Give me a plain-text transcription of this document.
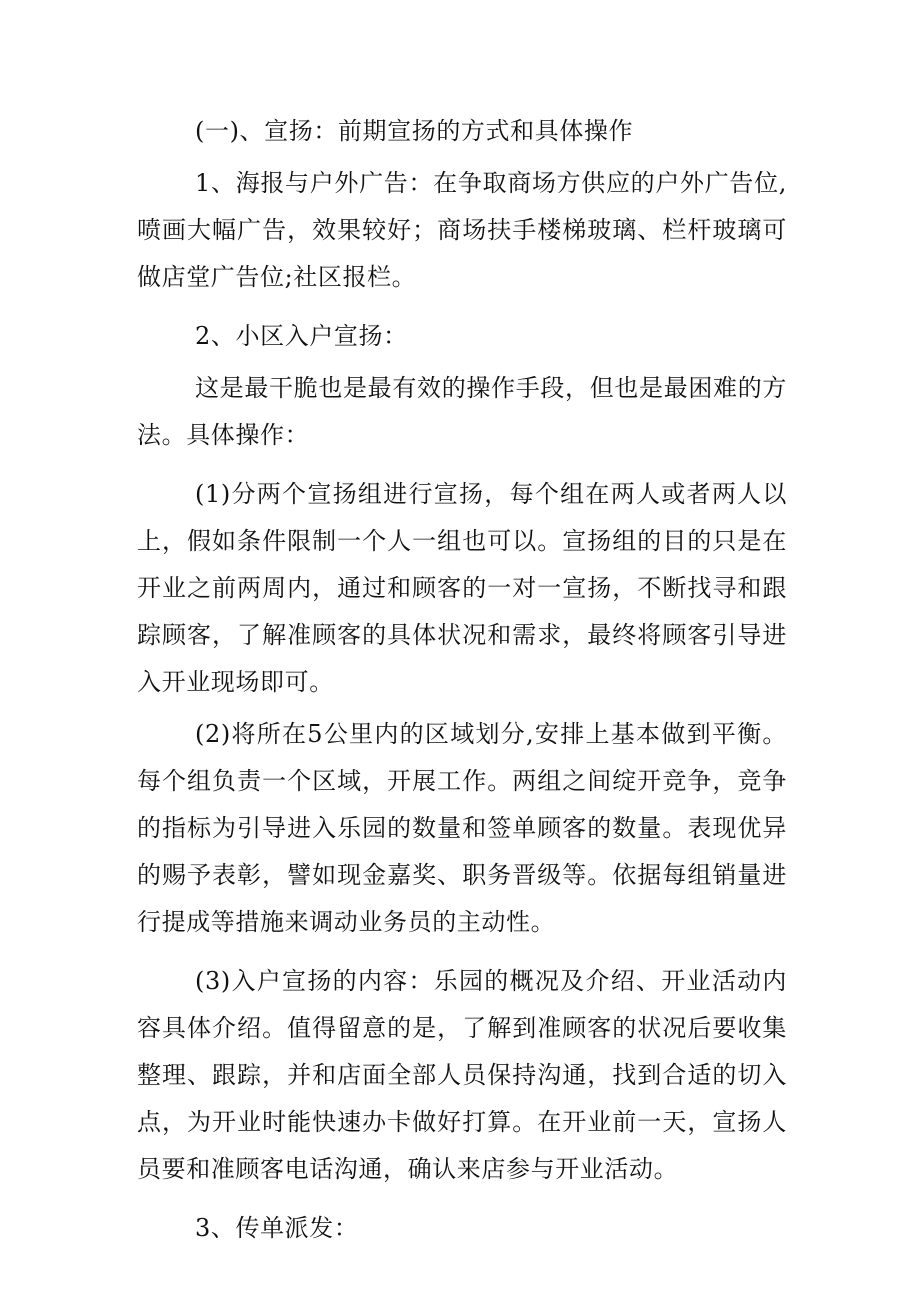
(一)、宣扬：前期宣扬的方式和具体操作

1、海报与户外广告：在争取商场方供应的户外广告位,喷画大幅广告，效果较好；商场扶手楼梯玻璃、栏杆玻璃可做店堂广告位;社区报栏。

2、小区入户宣扬：

这是最干脆也是最有效的操作手段，但也是最困难的方法。具体操作：

(1)分两个宣扬组进行宣扬，每个组在两人或者两人以上，假如条件限制一个人一组也可以。宣扬组的目的只是在开业之前两周内，通过和顾客的一对一宣扬，不断找寻和跟踪顾客，了解准顾客的具体状况和需求，最终将顾客引导进入开业现场即可。

(2)将所在5公里内的区域划分,安排上基本做到平衡。每个组负责一个区域，开展工作。两组之间绽开竞争，竞争的指标为引导进入乐园的数量和签单顾客的数量。表现优异的赐予表彰，譬如现金嘉奖、职务晋级等。依据每组销量进行提成等措施来调动业务员的主动性。

(3)入户宣扬的内容：乐园的概况及介绍、开业活动内容具体介绍。值得留意的是，了解到准顾客的状况后要收集整理、跟踪，并和店面全部人员保持沟通，找到合适的切入点，为开业时能快速办卡做好打算。在开业前一天，宣扬人员要和准顾客电话沟通，确认来店参与开业活动。

3、传单派发：
